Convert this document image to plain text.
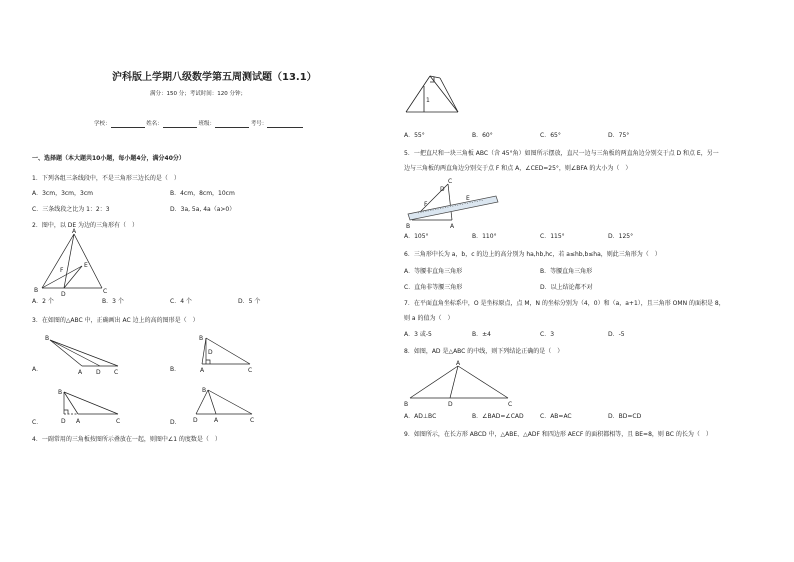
沪科版上学期八级数学第五周测试题（13.1）
满分：150 分；考试时间：120 分钟；
学校：	姓名：	班级：	考号：
一、选择题（本大题共10小题，每小题4分，满分40分）
1．下列各组三条线段中，不是三角形三边长的是（　）
A．3cm，3cm，3cm	B．4cm，8cm，10cm
C．三条线段之比为 1：2：3	D．3a, 5a, 4a（a>0）
2．图中，以 DE 为边的三角形有（　）
A
E
F
B
D	C
A．2 个	B．3 个	C．4 个	D．5 个
3．在如图的△ABC 中，正确画出 AC 边上的高的图形是（　）
A．
B
A D C	B．
B
D
A	C
C．
B
D A	C	D．
B
D	A	C
4．一副常用的三角板按图所示叠放在一起，则图中∠1 的度数是（　）
1
A．55°	B．60°	C．65°	D．75°
5．一把直尺和一块三角板 ABC（含 45°角）如图所示摆放，直尺一边与三角板的两直角边分别交于点 D 和点 E，另一
边与三角板的两直角边分别交于点 F 和点 A，∠CED=25°，则∠BFA 的大小为（　）
C
D
E
F
A
B
A．105°	B．110°	C．115°	D．125°
6．三角形中长为 a，b，c 的边上的高分别为 ha,hb,hc，若 a≤hb,b≤ha，则此三角形为（　）
A．等腰非直角三角形	B．等腰直角三角形
C．直角非等腰三角形	D．以上结论都不对
7．在平面直角坐标系中，O 是坐标原点，点 M，N 的坐标分别为（4，0）和（a，a+1），且三角形 OMN 的面积是 8，
则 a 的值为（　）
A．3 或-5	B．±4	C．3	D．-5
8．如图，AD 是△ABC 的中线，则下列结论正确的是（　）
A
B	D	C
A．AD⊥BC	B．∠BAD=∠CAD	C．AB=AC	D．BD=CD
9．如图所示，在长方形 ABCD 中，△ABE、△ADF 和四边形 AECF 的面积都相等，且 BE=8，则 BC 的长为（　）
